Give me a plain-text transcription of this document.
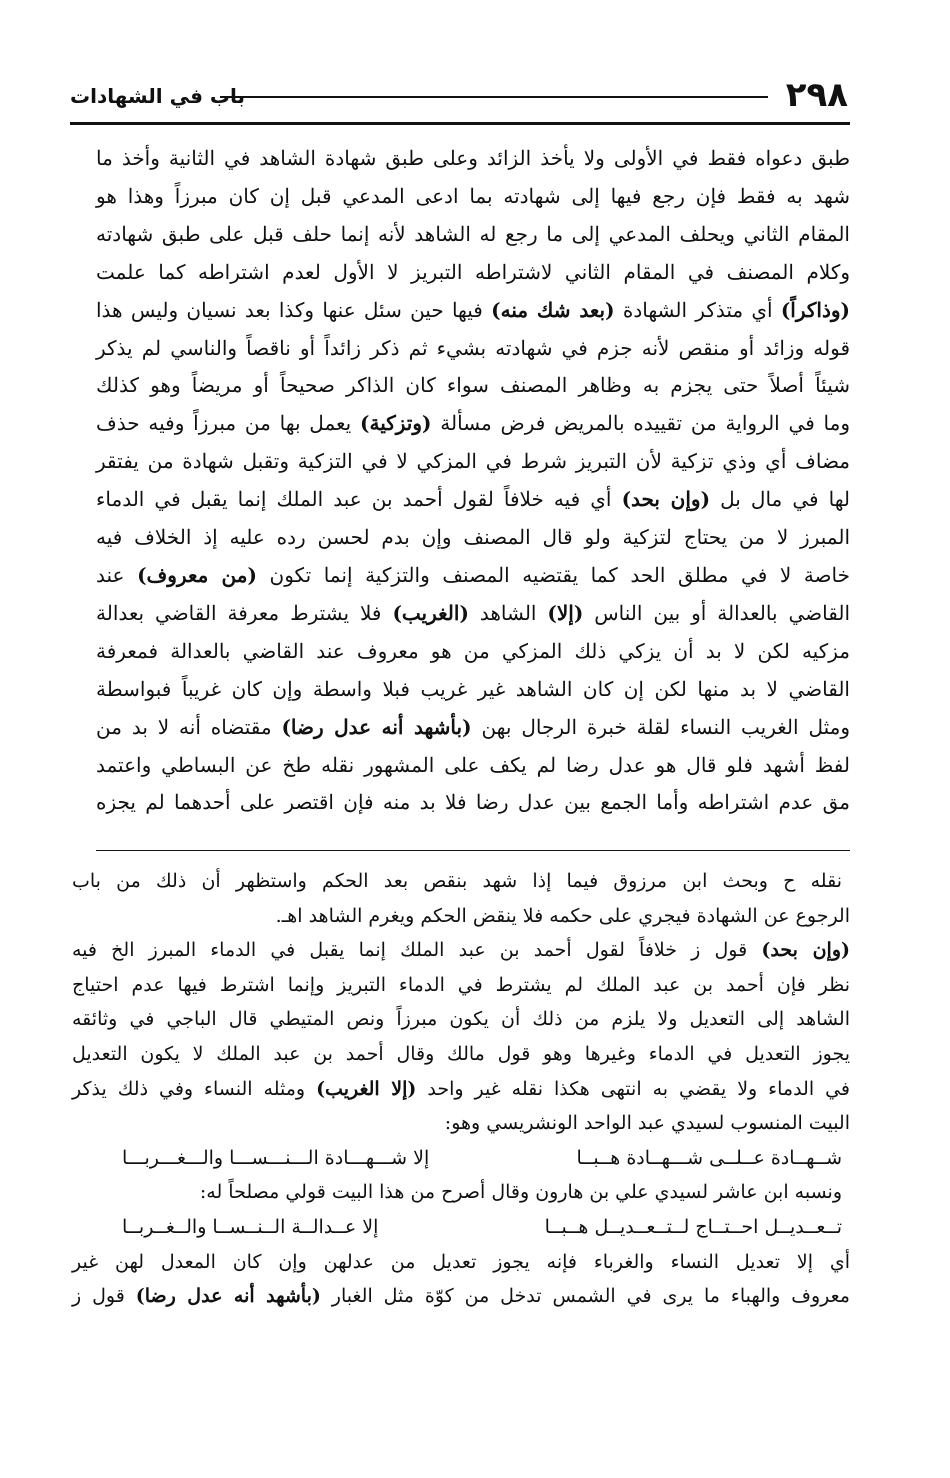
٢٩٨
باب في الشهادات

طبق دعواه فقط في الأولى ولا يأخذ الزائد وعلى طبق شهادة الشاهد في الثانية وأخذ ما

شهد به فقط فإن رجع فيها إلى شهادته بما ادعى المدعي قبل إن كان مبرزاً وهذا هو

المقام الثاني ويحلف المدعي إلى ما رجع له الشاهد لأنه إنما حلف قبل على طبق شهادته

وكلام المصنف في المقام الثاني لاشتراطه التبريز لا الأول لعدم اشتراطه كما علمت

(وذاكراً) أي متذكر الشهادة (بعد شك منه) فيها حين سئل عنها وكذا بعد نسيان وليس هذا

قوله وزائد أو منقص لأنه جزم في شهادته بشيء ثم ذكر زائداً أو ناقصاً والناسي لم يذكر

شيئاً أصلاً حتى يجزم به وظاهر المصنف سواء كان الذاكر صحيحاً أو مريضاً وهو كذلك

وما في الرواية من تقييده بالمريض فرض مسألة (وتزكية) يعمل بها من مبرزاً وفيه حذف

مضاف أي وذي تزكية لأن التبريز شرط في المزكي لا في التزكية وتقبل شهادة من يفتقر

لها في مال بل (وإن بحد) أي فيه خلافاً لقول أحمد بن عبد الملك إنما يقبل في الدماء

المبرز لا من يحتاج لتزكية ولو قال المصنف وإن بدم لحسن رده عليه إذ الخلاف فيه

خاصة لا في مطلق الحد كما يقتضيه المصنف والتزكية إنما تكون (من معروف) عند

القاضي بالعدالة أو بين الناس (إلا) الشاهد (الغريب) فلا يشترط معرفة القاضي بعدالة

مزكيه لكن لا بد أن يزكي ذلك المزكي من هو معروف عند القاضي بالعدالة فمعرفة

القاضي لا بد منها لكن إن كان الشاهد غير غريب فبلا واسطة وإن كان غريباً فبواسطة

ومثل الغريب النساء لقلة خبرة الرجال بهن (بأشهد أنه عدل رضا) مقتضاه أنه لا بد من

لفظ أشهد فلو قال هو عدل رضا لم يكف على المشهور نقله طخ عن البساطي واعتمد

مق عدم اشتراطه وأما الجمع بين عدل رضا فلا بد منه فإن اقتصر على أحدهما لم يجزه

نقله ح وبحث ابن مرزوق فيما إذا شهد بنقص بعد الحكم واستظهر أن ذلك من باب

الرجوع عن الشهادة فيجري على حكمه فلا ينقض الحكم ويغرم الشاهد اهـ.

(وإن بحد) قول ز خلافاً لقول أحمد بن عبد الملك إنما يقبل في الدماء المبرز الخ فيه

نظر فإن أحمد بن عبد الملك لم يشترط في الدماء التبريز وإنما اشترط فيها عدم احتياج

الشاهد إلى التعديل ولا يلزم من ذلك أن يكون مبرزاً ونص المتيطي قال الباجي في وثائقه

يجوز التعديل في الدماء وغيرها وهو قول مالك وقال أحمد بن عبد الملك لا يكون التعديل

في الدماء ولا يقضي به انتهى هكذا نقله غير واحد (إلا الغريب) ومثله النساء وفي ذلك يذكر

البيت المنسوب لسيدي عبد الواحد الونشريسي وهو:

شــهــادة عــلــى شـــهــادة هــبــا
إلا شـــهـــادة الـــنـــســـا والـــغـــربـــا

ونسبه ابن عاشر لسيدي علي بن هارون وقال أصرح من هذا البيت قولي مصلحاً له:

تــعــديــل احــتــاج لــتــعــديــل هــبــا
إلا عــدالــة الــنــســا والــغــربــا

أي إلا تعديل النساء والغرباء فإنه يجوز تعديل من عدلهن وإن كان المعدل لهن غير

معروف والهباء ما يرى في الشمس تدخل من كوّة مثل الغبار (بأشهد أنه عدل رضا) قول ز
